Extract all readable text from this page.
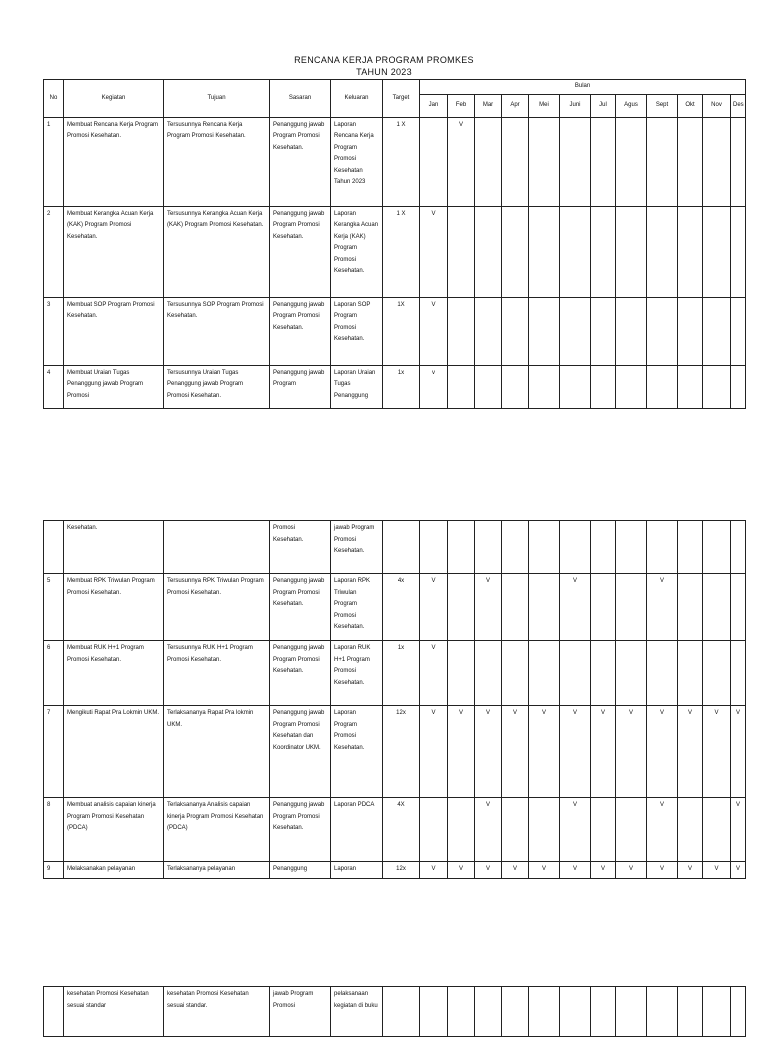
RENCANA KERJA PROGRAM PROMKES
TAHUN 2023
No	Kegiatan	Tujuan	Sasaran	Keluaran	Target	Bulan											
						Jan	Feb	Mar	Apr	Mei	Juni	Jul	Agus	Sept	Okt	Nov	Des
1	Membuat Rencana Kerja Program Promosi Kesehatan.	Tersusunnya Rencana Kerja Program Promosi Kesehatan.	Penanggung jawab Program Promosi Kesehatan.	Laporan Rencana Kerja Program Promosi Kesehatan Tahun 2023	1 X		V										
2	Membuat Kerangka Acuan Kerja (KAK) Program Promosi Kesehatan.	Tersusunnya Kerangka Acuan Kerja (KAK) Program Promosi Kesehatan.	Penanggung jawab Program Promosi Kesehatan.	Laporan Kerangka Acuan Kerja (KAK) Program Promosi Kesehatan.	1 X	V											
3	Membuat SOP Program Promosi Kesehatan.	Tersusunnya SOP Program Promosi Kesehatan.	Penanggung jawab Program Promosi Kesehatan.	Laporan SOP Program Promosi Kesehatan.	1X	V											
4	Membuat Uraian Tugas Penanggung jawab Program Promosi	Tersusunnya Uraian Tugas Penanggung jawab Program Promosi Kesehatan.	Penanggung jawab Program	Laporan Uraian Tugas Penanggung	1x	v											
	Kesehatan.		Promosi Kesehatan.	jawab Program Promosi Kesehatan.													
5	Membuat RPK Triwulan Program Promosi Kesehatan.	Tersusunnya RPK Triwulan Program Promosi Kesehatan.	Penanggung jawab Program Promosi Kesehatan.	Laporan RPK Triwulan Program Promosi Kesehatan.	4x	V		V			V			V			
6	Membuat RUK H+1 Program Promosi Kesehatan.	Tersusunnya RUK H+1 Program Promosi Kesehatan.	Penanggung jawab Program Promosi Kesehatan.	Laporan RUK H+1 Program Promosi Kesehatan.	1x	V											
7	Mengikuti Rapat Pra Lokmin UKM.	Terlaksananya Rapat Pra lokmin UKM.	Penanggung jawab Program Promosi Kesehatan dan Koordinator UKM.	Laporan Program Promosi Kesehatan.	12x	V	V	V	V	V	V	V	V	V	V	V	V
8	Membuat analisis capaian kinerja Program Promosi Kesehatan (PDCA)	Terlaksananya Analisis capaian kinerja Program Promosi Kesehatan (PDCA)	Penanggung jawab Program Promosi Kesehatan.	Laporan PDCA	4X			V			V			V			V
9	Melaksanakan pelayanan	Terlaksananya pelayanan	Penanggung	Laporan	12x	V	V	V	V	V	V	V	V	V	V	V	V
	kesehatan Promosi Kesehatan sesuai standar	kesehatan Promosi Kesehatan sesuai standar.	jawab Program Promosi	pelaksanaan kegiatan di buku													
